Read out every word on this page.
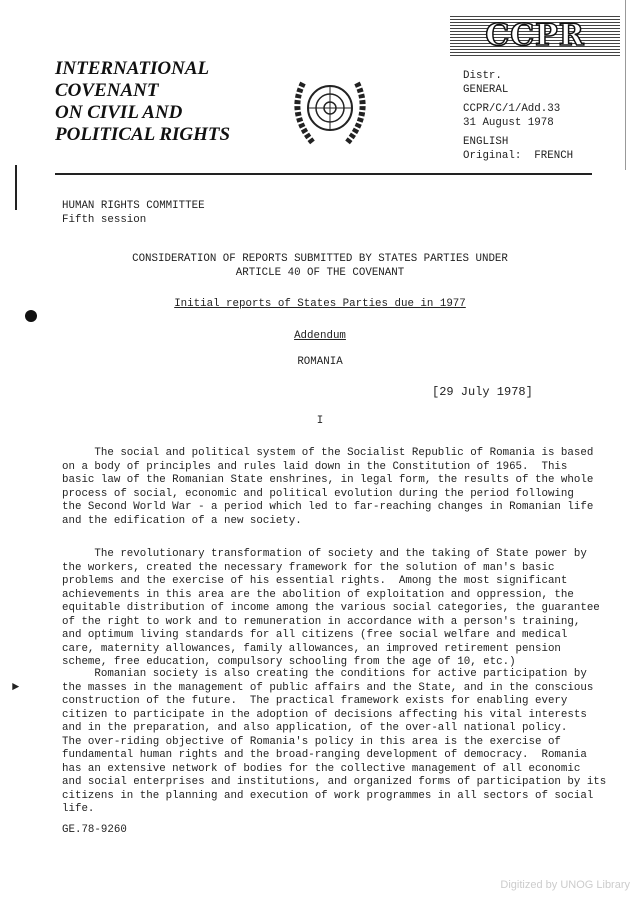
INTERNATIONAL
COVENANT
ON CIVIL AND
POLITICAL RIGHTS
CCPR
Distr.
GENERAL
CCPR/C/1/Add.33
31 August 1978
ENGLISH
Original:  FRENCH
HUMAN RIGHTS COMMITTEE
Fifth session
CONSIDERATION OF REPORTS SUBMITTED BY STATES PARTIES UNDER
ARTICLE 40 OF THE COVENANT
Initial reports of States Parties due in 1977
Addendum
ROMANIA
[29 July 1978]
I
The social and political system of the Socialist Republic of Romania is based
on a body of principles and rules laid down in the Constitution of 1965.  This
basic law of the Romanian State enshrines, in legal form, the results of the whole
process of social, economic and political evolution during the period following
the Second World War - a period which led to far-reaching changes in Romanian life
and the edification of a new society.
The revolutionary transformation of society and the taking of State power by
the workers, created the necessary framework for the solution of man's basic
problems and the exercise of his essential rights.  Among the most significant
achievements in this area are the abolition of exploitation and oppression, the
equitable distribution of income among the various social categories, the guarantee
of the right to work and to remuneration in accordance with a person's training,
and optimum living standards for all citizens (free social welfare and medical
care, maternity allowances, family allowances, an improved retirement pension
scheme, free education, compulsory schooling from the age of 10, etc.)
Romanian society is also creating the conditions for active participation by
the masses in the management of public affairs and the State, and in the conscious
construction of the future.  The practical framework exists for enabling every
citizen to participate in the adoption of decisions affecting his vital interests
and in the preparation, and also application, of the over-all national policy.
The over-riding objective of Romania's policy in this area is the exercise of
fundamental human rights and the broad-ranging development of democracy.  Romania
has an extensive network of bodies for the collective management of all economic
and social enterprises and institutions, and organized forms of participation by its
citizens in the planning and execution of work programmes in all sectors of social
life.
►
GE.78-9260
Digitized by UNOG Library
